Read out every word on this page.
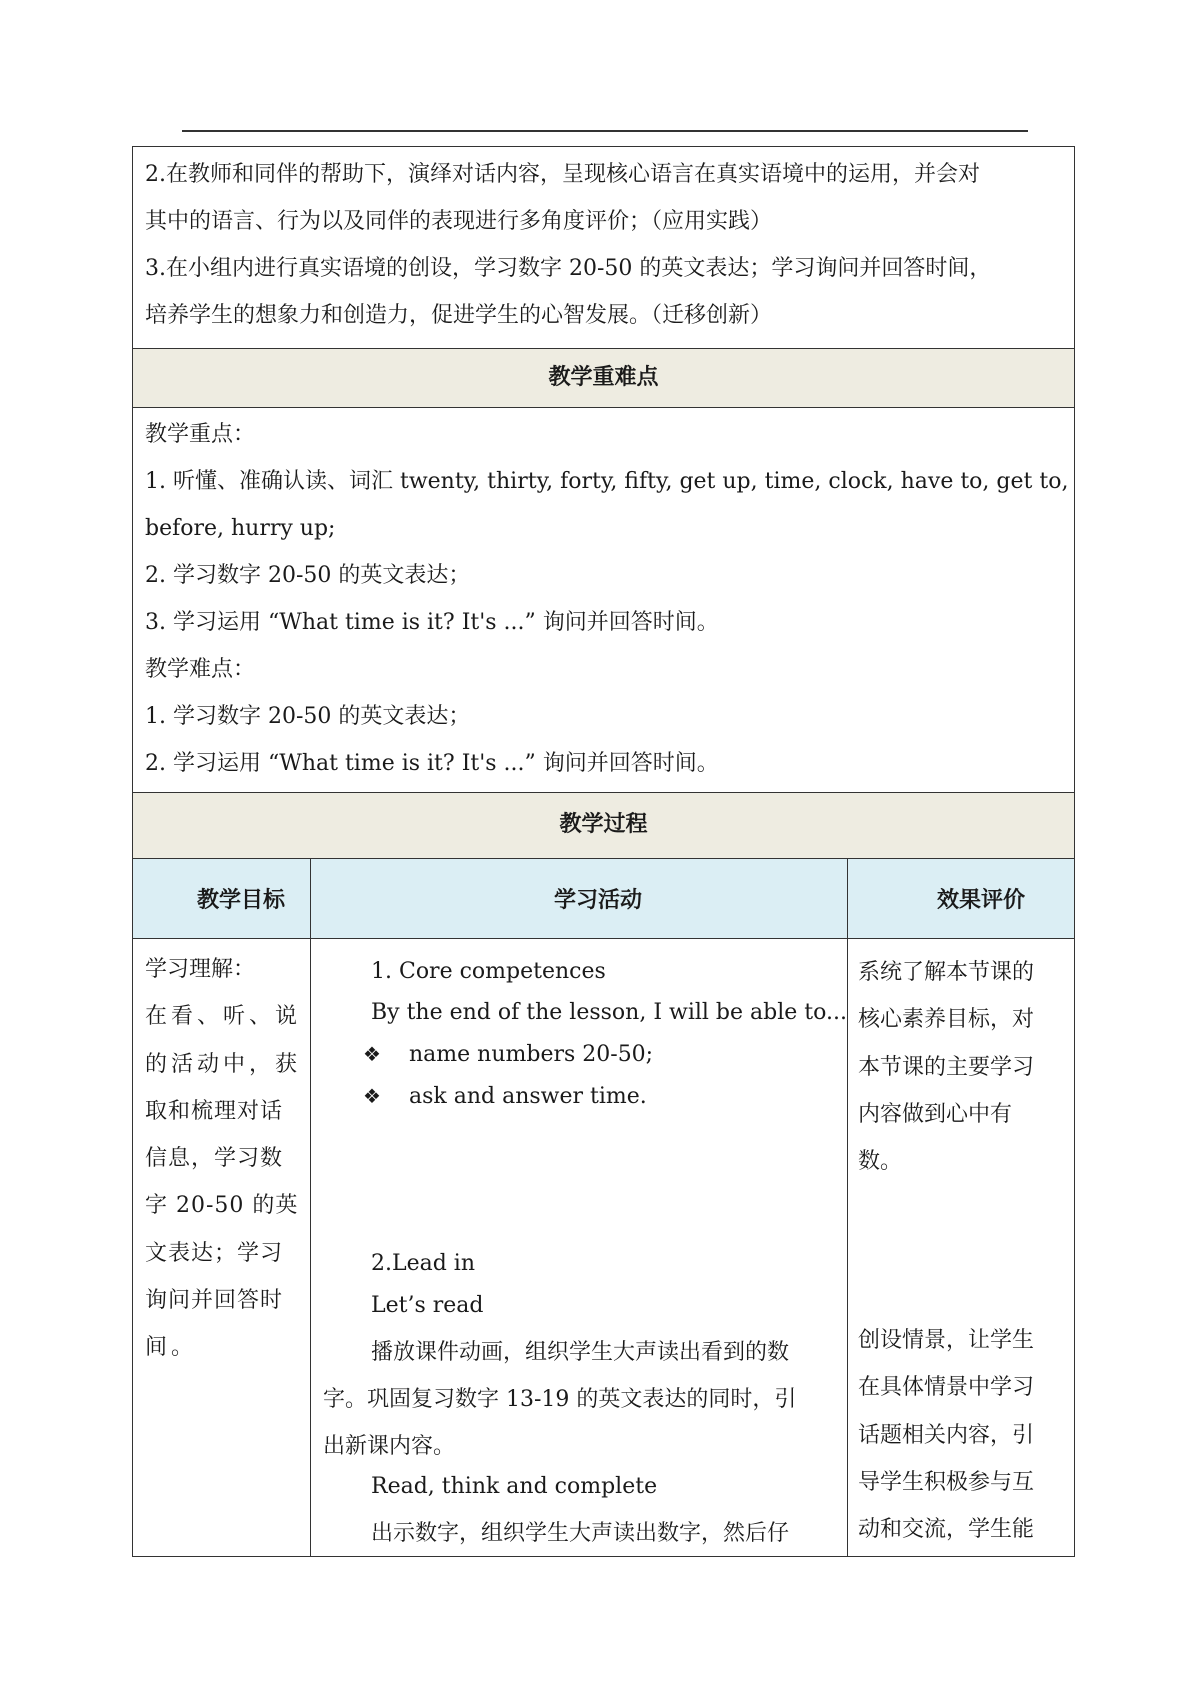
2.在教师和同伴的帮助下，演绎对话内容，呈现核心语言在真实语境中的运用，并会对

其中的语言、行为以及同伴的表现进行多角度评价；（应用实践）

3.在小组内进行真实语境的创设，学习数字 20-50 的英文表达；学习询问并回答时间，

培养学生的想象力和创造力，促进学生的心智发展。（迁移创新）

教学重难点

教学重点：

1. 听懂、准确认读、词汇 twenty, thirty, forty, fifty, get up, time, clock, have to, get to,

before, hurry up;

2. 学习数字 20-50 的英文表达；

3. 学习运用 “What time is it? It's ...” 询问并回答时间。

教学难点：

1. 学习数字 20-50 的英文表达；

2. 学习运用 “What time is it? It's ...” 询问并回答时间。

教学过程
教学目标	学习活动	效果评价

学习理解：

在看、听、说

的活动中，获

取和梳理对话

信息，学习数

字 20-50 的英

文表达；学习

询问并回答时

间。

1. Core competences

By the end of the lesson, I will be able to...

❖ name numbers 20-50;

❖ ask and answer time.

2.Lead in

Let’s read

播放课件动画，组织学生大声读出看到的数

字。巩固复习数字 13-19 的英文表达的同时，引

出新课内容。

Read, think and complete

出示数字，组织学生大声读出数字，然后仔

系统了解本节课的

核心素养目标，对

本节课的主要学习

内容做到心中有

数。

创设情景，让学生

在具体情景中学习

话题相关内容，引

导学生积极参与互

动和交流，学生能
